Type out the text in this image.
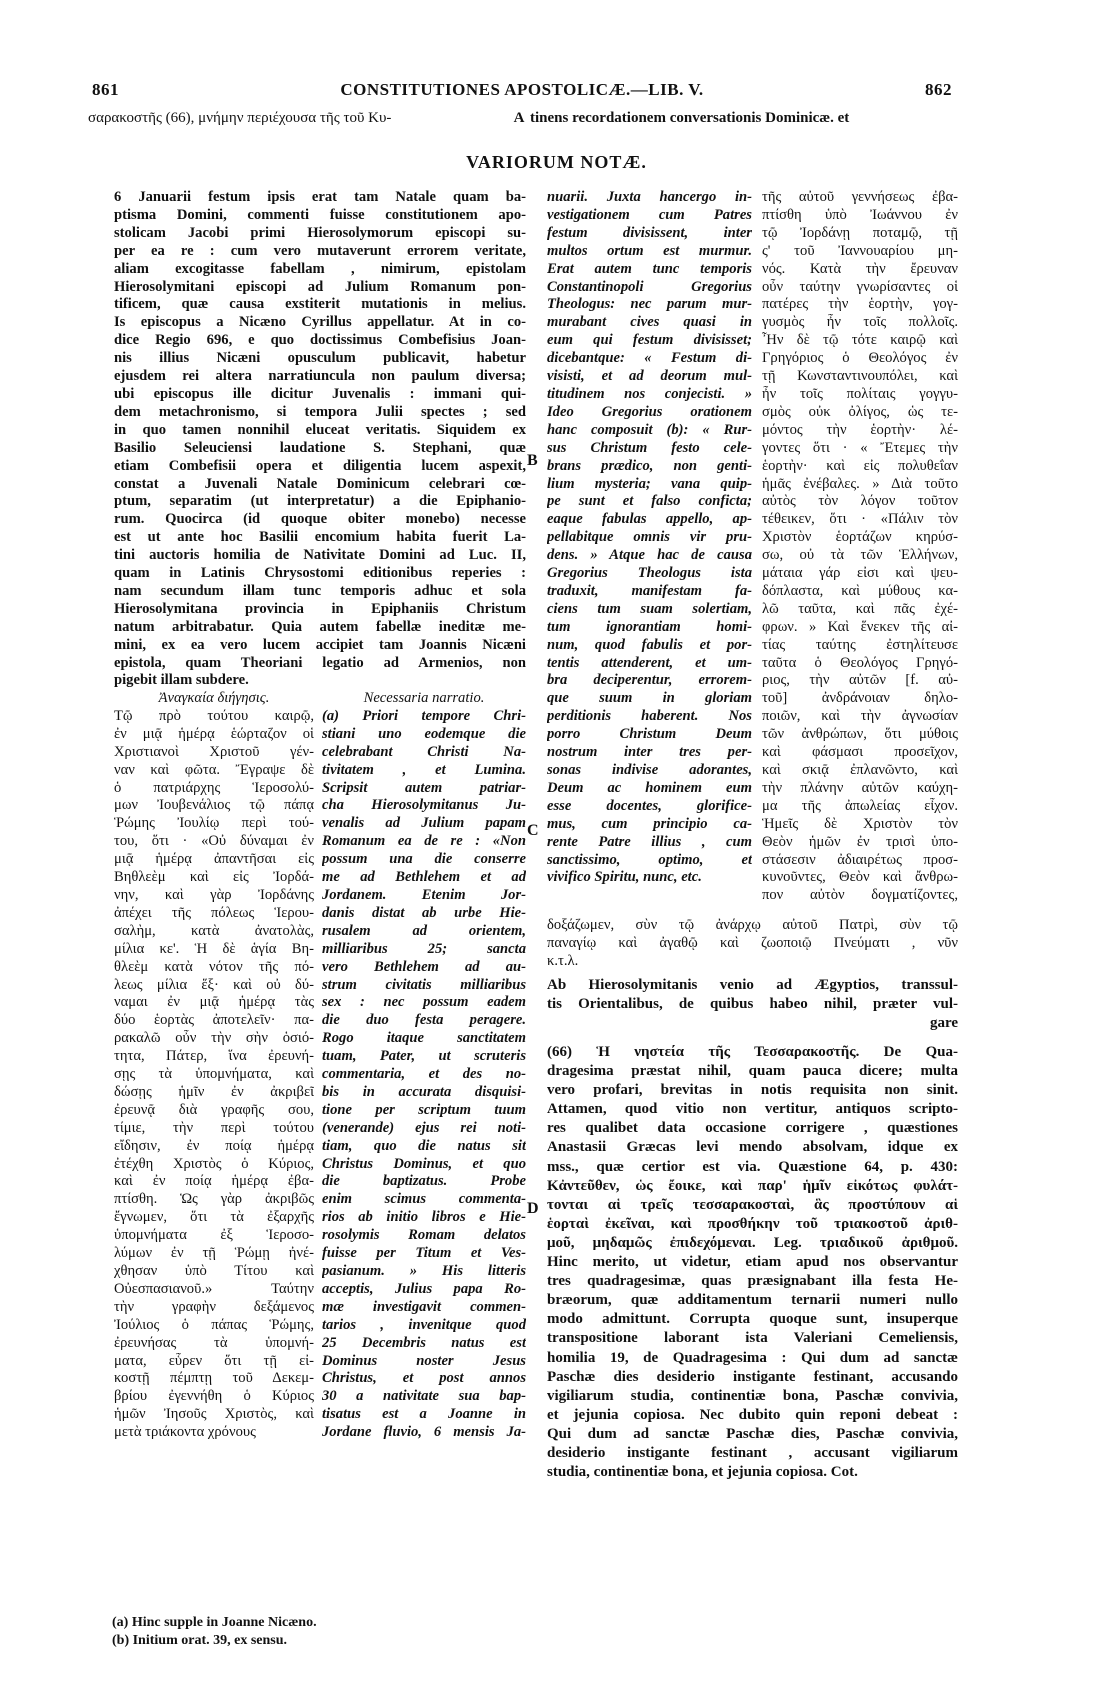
861	CONSTITUTIONES APOSTOLICÆ.—LIB. V.	862
σαρακοστῆς (66), μνήμην περιέχουσα τῆς τοῦ Κυ-	A tinens recordationem conversationis Dominicæ. et
VARIORUM NOTÆ.
6 Januarii festum ipsis erat tam Natale quam ba-
ptisma Domini, commenti fuisse constitutionem apo-
stolicam Jacobi primi Hierosolymorum episcopi su-
per ea re : cum vero mutaverunt errorem veritate,
aliam excogitasse fabellam , nimirum, epistolam
Hierosolymitani episcopi ad Julium Romanum pon-
tificem, quæ causa exstiterit mutationis in melius.
Is episcopus a Nicæno Cyrillus appellatur. At in co-
dice Regio 696, e quo doctissimus Combefisius Joan-
nis illius Nicæni opusculum publicavit, habetur
ejusdem rei altera narratiuncula non paulum diversa;
ubi episcopus ille dicitur Juvenalis : immani qui-
dem metachronismo, si tempora Julii spectes ; sed
in quo tamen nonnihil eluceat veritatis. Siquidem ex
Basilio Seleuciensi laudatione S. Stephani, quæ
etiam Combefisii opera et diligentia lucem aspexit,
constat a Juvenali Natale Dominicum celebrari cœ-
ptum, separatim (ut interpretatur) a die Epiphanio-
rum. Quocirca (id quoque obiter monebo) necesse
est ut ante hoc Basilii encomium habita fuerit La-
tini auctoris homilia de Nativitate Domini ad Luc. II,
quam in Latinis Chrysostomi editionibus reperies :
nam secundum illam tunc temporis adhuc et sola
Hierosolymitana provincia in Epiphaniis Christum
natum arbitrabatur. Quia autem fabellæ ineditæ me-
mini, ex ea vero lucem accipiet tam Joannis Nicæni
epistola, quam Theoriani legatio ad Armenios, non
pigebit illam subdere.
Ἀναγκαία διήγησις.
Τῷ πρὸ τούτου καιρῷ,
ἐν μιᾷ ἡμέρᾳ ἑώρταζον οἱ
Χριστιανοὶ Χριστοῦ γέν-
ναν καὶ φῶτα. Ἔγραψε δὲ
ὁ πατριάρχης Ἱεροσολύ-
μων Ἰουβενάλιος τῷ πάπᾳ
Ῥώμης Ἰουλίῳ περὶ τού-
του, ὅτι · «Οὐ δύναμαι ἐν
μιᾷ ἡμέρᾳ ἀπαντῆσαι εἰς
Βηθλεὲμ καὶ εἰς Ἰορδά-
νην, καὶ γὰρ Ἰορδάνης
ἀπέχει τῆς πόλεως Ἱερου-
σαλὴμ, κατὰ ἀνατολὰς,
μίλια κε'. Ἡ δὲ ἁγία Βη-
θλεὲμ κατὰ νότον τῆς πό-
λεως μίλια ἕξ· καὶ οὐ δύ-
ναμαι ἐν μιᾷ ἡμέρᾳ τὰς
δύο ἑορτὰς ἀποτελεῖν· πα-
ρακαλῶ οὖν τὴν σὴν ὁσιό-
τητα, Πάτερ, ἵνα ἐρευνή-
σῃς τὰ ὑπομνήματα, καὶ
δώσῃς ἡμῖν ἐν ἀκριβεῖ
ἐρευνᾷ διὰ γραφῆς σου,
τίμιε, τὴν περὶ τούτου
εἴδησιν, ἐν ποίᾳ ἡμέρᾳ
ἐτέχθη Χριστὸς ὁ Κύριος,
καὶ ἐν ποίᾳ ἡμέρᾳ ἐβα-
πτίσθη. Ὡς γὰρ ἀκριβῶς
ἔγνωμεν, ὅτι τὰ ἐξαρχῆς
ὑπομνήματα ἐξ Ἱεροσο-
λύμων ἐν τῇ Ῥώμῃ ἠνέ-
χθησαν ὑπὸ Τίτου καὶ
Οὐεσπασιανοῦ.» Ταύτην
τὴν γραφὴν δεξάμενος
Ἰούλιος ὁ πάπας Ῥώμης,
ἐρευνήσας τὰ ὑπομνή-
ματα, εὗρεν ὅτι τῇ εἰ-
κοστῇ πέμπτῃ τοῦ Δεκεμ-
βρίου ἐγεννήθη ὁ Κύριος
ἡμῶν Ἰησοῦς Χριστὸς, καὶ
μετὰ τριάκοντα χρόνους
Necessaria narratio.
(a) Priori tempore Chri-
stiani uno eodemque die
celebrabant Christi Na-
tivitatem , et Lumina.
Scripsit autem patriar-
cha Hierosolymitanus Ju-
venalis ad Julium papam
Romanum ea de re : «Non
possum una die conserre
me ad Bethlehem et ad
Jordanem. Etenim Jor-
danis distat ab urbe Hie-
rusalem ad orientem,
milliaribus 25; sancta
vero Bethlehem ad au-
strum civitatis milliaribus
sex : nec possum eadem
die duo festa peragere.
Rogo itaque sanctitatem
tuam, Pater, ut scruteris
commentaria, et des no-
bis in accurata disquisi-
tione per scriptum tuum
(venerande) ejus rei noti-
tiam, quo die natus sit
Christus Dominus, et quo
die baptizatus. Probe
enim scimus commenta-
rios ab initio libros e Hie-
rosolymis Romam delatos
fuisse per Titum et Ves-
pasianum. » His litteris
acceptis, Julius papa Ro-
mæ investigavit commen-
tarios , invenitque quod
25 Decembris natus est
Dominus noster Jesus
Christus, et post annos
30 a nativitate sua bap-
tisatus est a Joanne in
Jordane fluvio, 6 mensis Ja-
nuarii. Juxta hancergo in-
vestigationem cum Patres
festum divisissent, inter
multos ortum est murmur.
Erat autem tunc temporis
Constantinopoli Gregorius
Theologus: nec parum mur-
murabant cives quasi in
eum qui festum divisisset;
dicebantque: « Festum di-
visisti, et ad deorum mul-
titudinem nos conjecisti. »
Ideo Gregorius orationem
hanc composuit (b): « Rur-
sus Christum festo cele-
brans prædico, non genti-
lium mysteria; vana quip-
pe sunt et falso conficta;
eaque fabulas appello, ap-
pellabitque omnis vir pru-
dens. » Atque hac de causa
Gregorius Theologus ista
traduxit, manifestam fa-
ciens tum suam solertiam,
tum ignorantiam homi-
num, quod fabulis et por-
tentis attenderent, et um-
bra deciperentur, errorem-
que suum in gloriam
perditionis haberent. Nos
porro Christum Deum
nostrum inter tres per-
sonas indivise adorantes,
Deum ac hominem eum
esse docentes, glorifice-
mus, cum principio ca-
rente Patre illius , cum
sanctissimo, optimo, et
vivifico Spiritu, nunc, etc.
τῆς αὐτοῦ γεννήσεως ἐβα-
πτίσθη ὑπὸ Ἰωάννου ἐν
τῷ Ἰορδάνῃ ποταμῷ, τῇ
ς' τοῦ Ἰαννουαρίου μη-
νός. Κατὰ τὴν ἔρευναν
οὖν ταύτην γνωρίσαντες οἱ
πατέρες τὴν ἑορτὴν, γογ-
γυσμὸς ἦν τοῖς πολλοῖς.
Ἦν δὲ τῷ τότε καιρῷ καὶ
Γρηγόριος ὁ Θεολόγος ἐν
τῇ Κωνσταντινουπόλει, καὶ
ἦν τοῖς πολίταις γογγυ-
σμὸς οὐκ ὀλίγος, ὡς τε-
μόντος τὴν ἑορτὴν· λέ-
γοντες ὅτι · « Ἔτεμες τὴν
ἑορτὴν· καὶ εἰς πολυθεΐαν
ἡμᾶς ἐνέβαλες. » Διὰ τοῦτο
αὐτὸς τὸν λόγον τοῦτον
τέθεικεν, ὅτι · «Πάλιν τὸν
Χριστὸν ἑορτάζων κηρύσ-
σω, οὐ τὰ τῶν Ἑλλήνων,
μάταια γάρ εἰσι καὶ ψευ-
δόπλαστα, καὶ μύθους κα-
λῶ ταῦτα, καὶ πᾶς ἐχέ-
φρων. » Καὶ ἕνεκεν τῆς αἰ-
τίας ταύτης ἐστηλίτευσε
ταῦτα ὁ Θεολόγος Γρηγό-
ριος, τὴν αὐτῶν [f. αὐ-
τοῦ] ἀνδράνοιαν δηλο-
ποιῶν, καὶ τὴν ἀγνωσίαν
τῶν ἀνθρώπων, ὅτι μύθοις
καὶ φάσμασι προσεῖχον,
καὶ σκιᾷ ἐπλανῶντο, καὶ
τὴν πλάνην αὐτῶν καύχη-
μα τῆς ἀπωλείας εἶχον.
Ἡμεῖς δὲ Χριστὸν τὸν
Θεὸν ἡμῶν ἐν τρισὶ ὑπο-
στάσεσιν ἀδιαιρέτως προσ-
κυνοῦντες, Θεὸν καὶ ἄνθρω-
πον αὐτὸν δογματίζοντες,
δοξάζωμεν, σὺν τῷ ἀνάρχῳ αὐτοῦ Πατρὶ, σὺν τῷ
παναγίῳ καὶ ἀγαθῷ καὶ ζωοποιῷ Πνεύματι , νῦν
κ.τ.λ.
Ab Hierosolymitanis venio ad Ægyptios, transsul-
tis Orientalibus, de quibus habeo nihil, præter vul-
gare
(66) Ἡ νηστεία τῆς Τεσσαρακοστῆς. De Qua-
dragesima præstat nihil, quam pauca dicere; multa
vero profari, brevitas in notis requisita non sinit.
Attamen, quod vitio non vertitur, antiquos scripto-
res qualibet data occasione corrigere , quæstiones
Anastasii Græcas levi mendo absolvam, idque ex
mss., quæ certior est via. Quæstione 64, p. 430:
Κἀντεῦθεν, ὡς ἔοικε, καὶ παρ' ἡμῖν εἰκότως φυλάτ-
τονται αἱ τρεῖς τεσσαρακοσταὶ, ἃς προστύπουν αἱ
ἑορταὶ ἐκεῖναι, καὶ προσθήκην τοῦ τριακοστοῦ ἀριθ-
μοῦ, μηδαμῶς ἐπιδεχόμεναι. Leg. τριαδικοῦ ἀριθμοῦ.
Hinc merito, ut videtur, etiam apud nos observantur
tres quadragesimæ, quas præsignabant illa festa He-
bræorum, quæ additamentum ternarii numeri nullo
modo admittunt. Corrupta quoque sunt, insuperque
transpositione laborant ista Valeriani Cemeliensis,
homilia 19, de Quadragesima : Qui dum ad sanctæ
Paschæ dies desiderio instigante festinant, accusando
vigiliarum studia, continentiæ bona, Paschæ convivia,
et jejunia copiosa. Nec dubito quin reponi debeat :
Qui dum ad sanctæ Paschæ dies, Paschæ convivia,
desiderio instigante festinant , accusant vigiliarum
studia, continentiæ bona, et jejunia copiosa. Cot.
B
C
D
(a) Hinc supple in Joanne Nicæno.
(b) Initium orat. 39, ex sensu.
